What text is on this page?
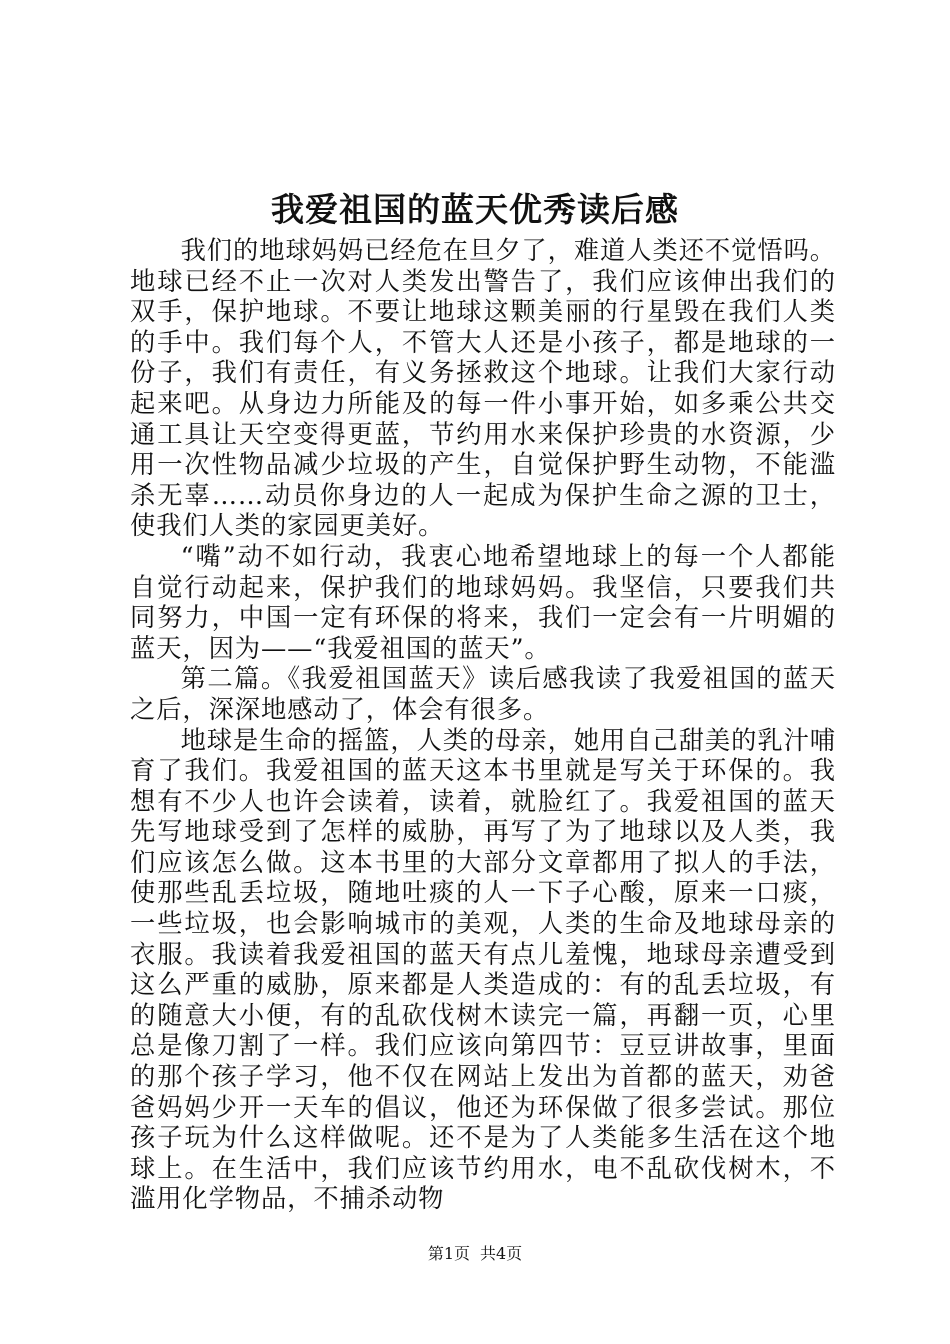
我爱祖国的蓝天优秀读后感

我们的地球妈妈已经危在旦夕了，难道人类还不觉悟吗。地球已经不止一次对人类发出警告了，我们应该伸出我们的双手，保护地球。不要让地球这颗美丽的行星毁在我们人类的手中。我们每个人，不管大人还是小孩子，都是地球的一份子，我们有责任，有义务拯救这个地球。让我们大家行动起来吧。从身边力所能及的每一件小事开始，如多乘公共交通工具让天空变得更蓝，节约用水来保护珍贵的水资源，少用一次性物品减少垃圾的产生，自觉保护野生动物，不能滥杀无辜……动员你身边的人一起成为保护生命之源的卫士，使我们人类的家园更美好。

“嘴”动不如行动，我衷心地希望地球上的每一个人都能自觉行动起来，保护我们的地球妈妈。我坚信，只要我们共同努力，中国一定有环保的将来，我们一定会有一片明媚的蓝天，因为——“我爱祖国的蓝天”。

第二篇。《我爱祖国蓝天》读后感我读了我爱祖国的蓝天之后，深深地感动了，体会有很多。

地球是生命的摇篮，人类的母亲，她用自己甜美的乳汁哺育了我们。我爱祖国的蓝天这本书里就是写关于环保的。我想有不少人也许会读着，读着，就脸红了。我爱祖国的蓝天先写地球受到了怎样的威胁，再写了为了地球以及人类，我们应该怎么做。这本书里的大部分文章都用了拟人的手法，使那些乱丢垃圾，随地吐痰的人一下子心酸，原来一口痰，一些垃圾，也会影响城市的美观，人类的生命及地球母亲的衣服。我读着我爱祖国的蓝天有点儿羞愧，地球母亲遭受到这么严重的威胁，原来都是人类造成的：有的乱丢垃圾，有的随意大小便，有的乱砍伐树木读完一篇，再翻一页，心里总是像刀割了一样。我们应该向第四节：豆豆讲故事，里面的那个孩子学习，他不仅在网站上发出为首都的蓝天，劝爸爸妈妈少开一天车的倡议，他还为环保做了很多尝试。那位孩子玩为什么这样做呢。还不是为了人类能多生活在这个地球上。在生活中，我们应该节约用水，电不乱砍伐树木，不滥用化学物品，不捕杀动物

第1页 共4页
